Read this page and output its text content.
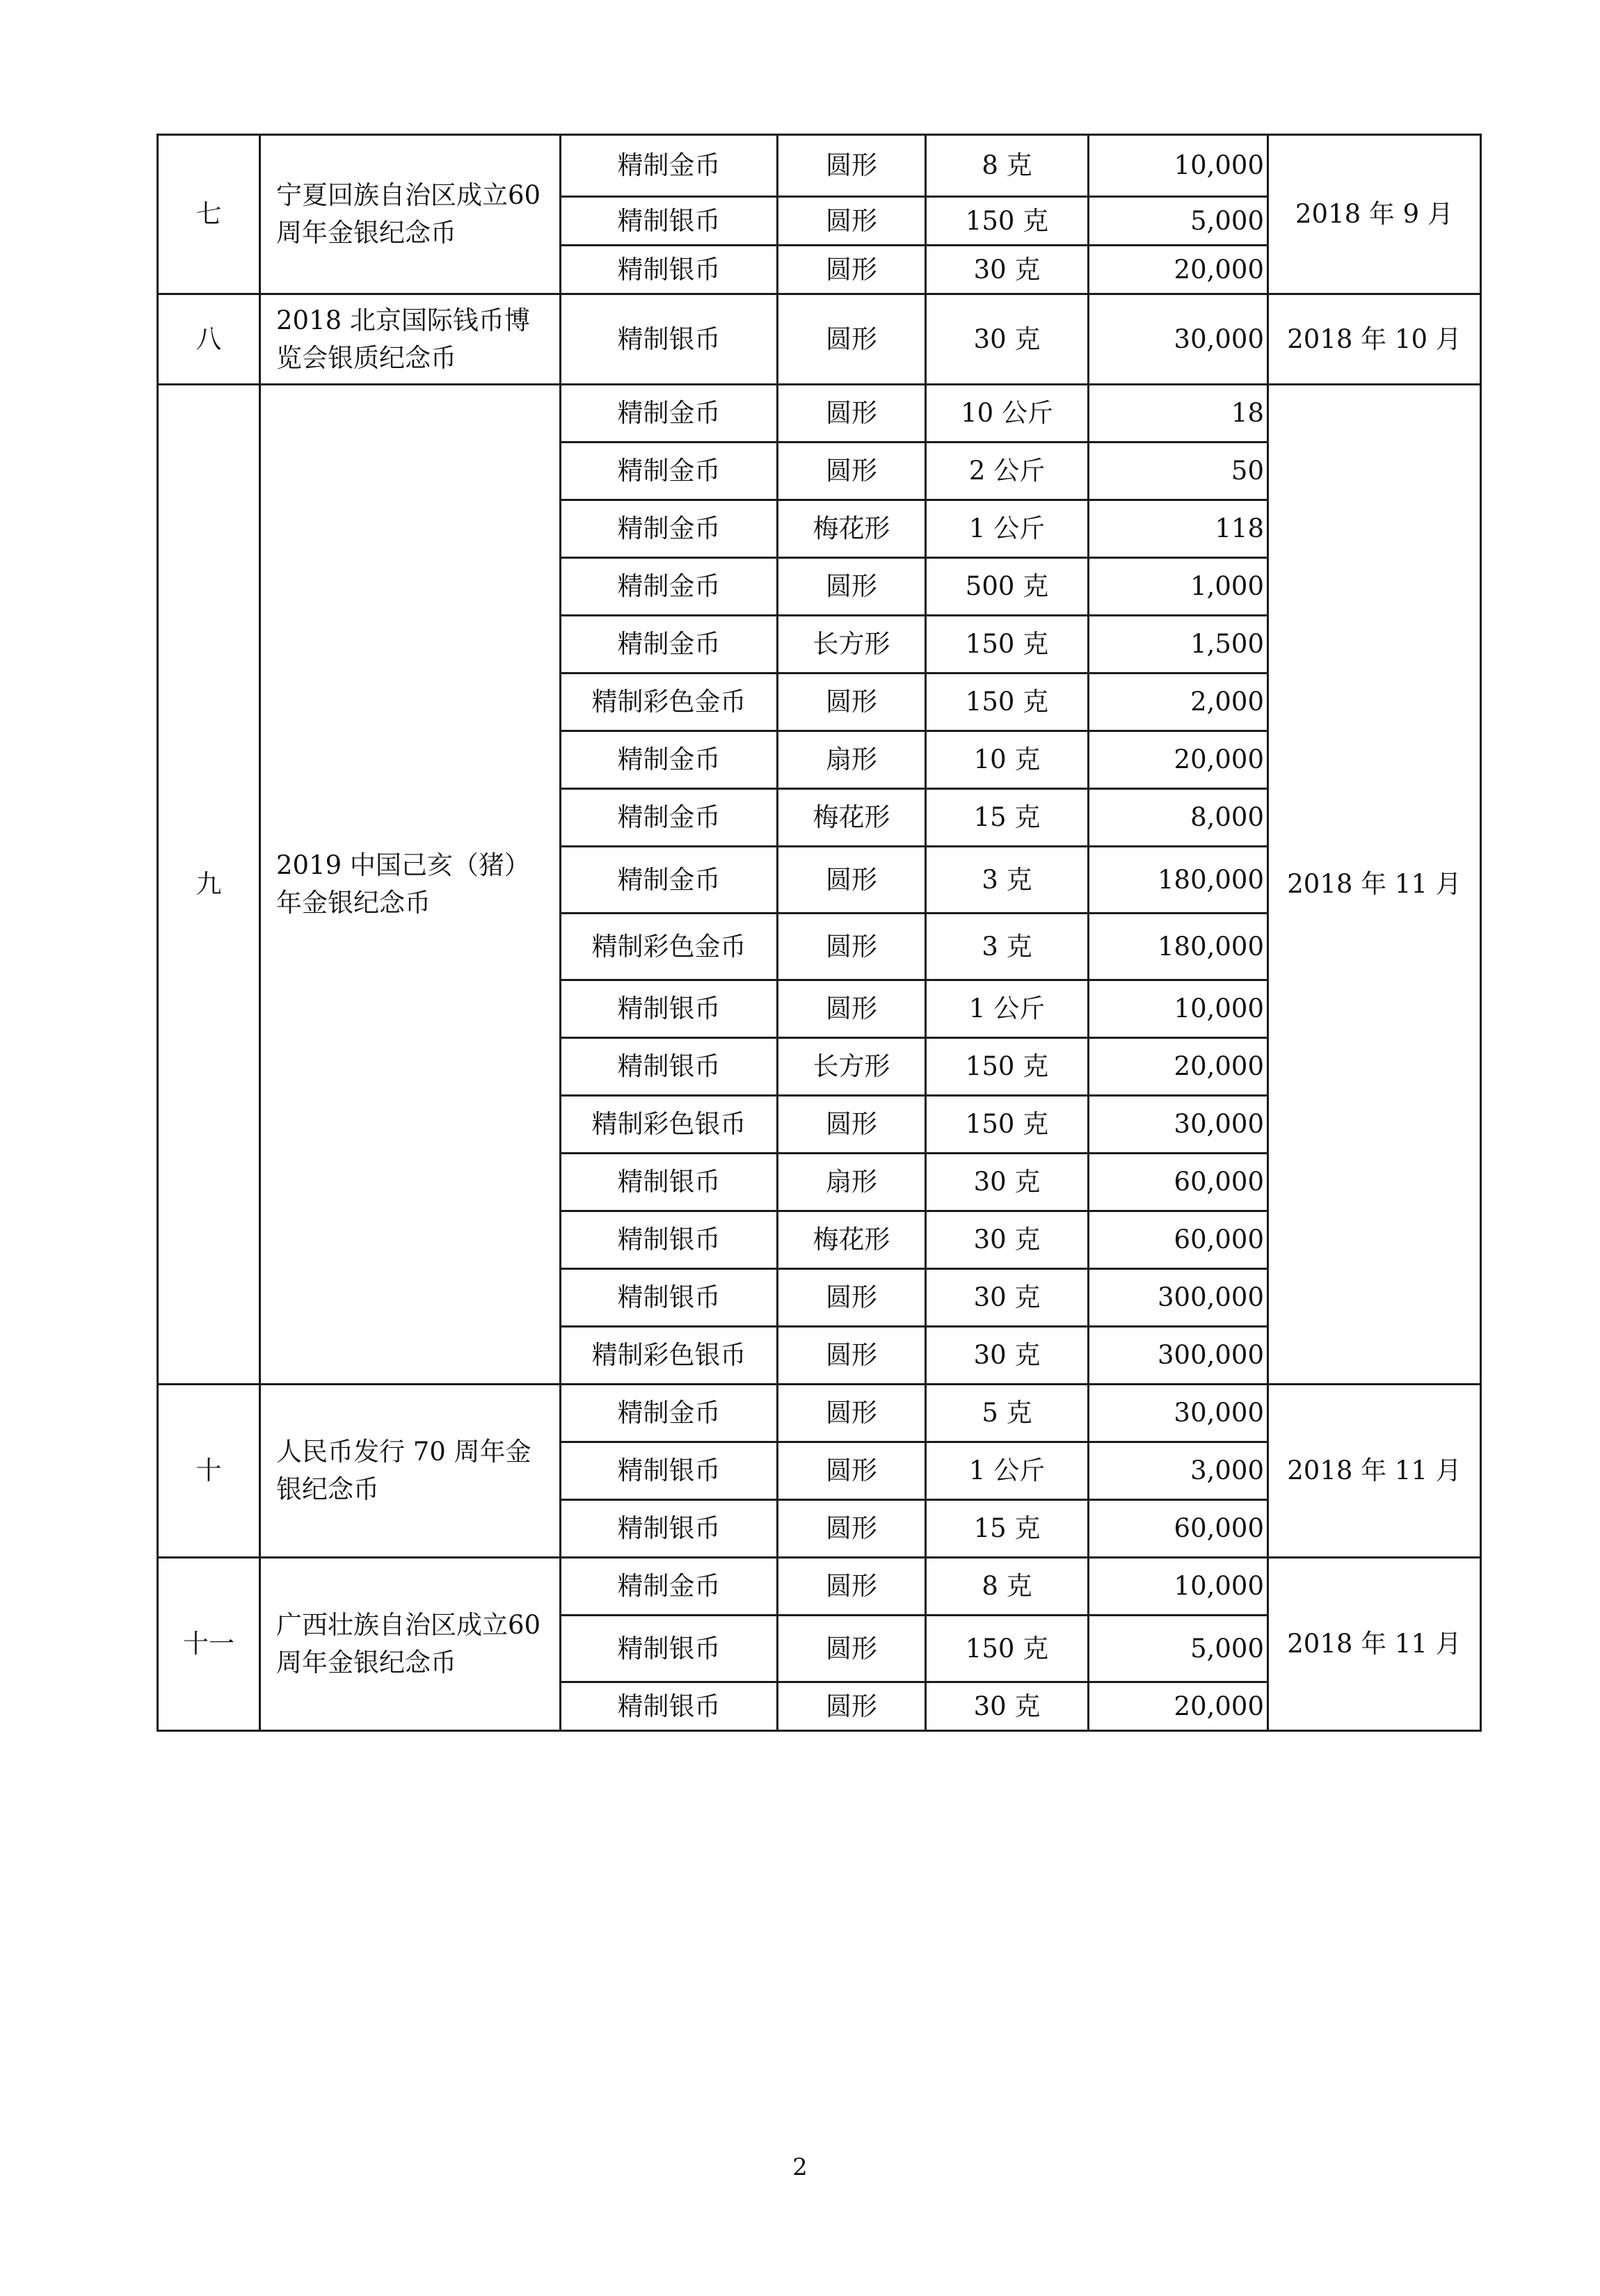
七	宁夏回族自治区成立60周年金银纪念币	精制金币	圆形	8 克	10,000	2018 年 9 月
		精制银币	圆形	150 克	5,000	
		精制银币	圆形	30 克	20,000	
八	2018 北京国际钱币博览会银质纪念币	精制银币	圆形	30 克	30,000	2018 年 10 月
九	2019 中国己亥（猪）年金银纪念币	精制金币	圆形	10 公斤	18	2018 年 11 月
		精制金币	圆形	2 公斤	50	
		精制金币	梅花形	1 公斤	118	
		精制金币	圆形	500 克	1,000	
		精制金币	长方形	150 克	1,500	
		精制彩色金币	圆形	150 克	2,000	
		精制金币	扇形	10 克	20,000	
		精制金币	梅花形	15 克	8,000	
		精制金币	圆形	3 克	180,000	
		精制彩色金币	圆形	3 克	180,000	
		精制银币	圆形	1 公斤	10,000	
		精制银币	长方形	150 克	20,000	
		精制彩色银币	圆形	150 克	30,000	
		精制银币	扇形	30 克	60,000	
		精制银币	梅花形	30 克	60,000	
		精制银币	圆形	30 克	300,000	
		精制彩色银币	圆形	30 克	300,000	
十	人民币发行 70 周年金银纪念币	精制金币	圆形	5 克	30,000	2018 年 11 月
		精制银币	圆形	1 公斤	3,000	
		精制银币	圆形	15 克	60,000	
十一	广西壮族自治区成立60周年金银纪念币	精制金币	圆形	8 克	10,000	2018 年 11 月
		精制银币	圆形	150 克	5,000	
		精制银币	圆形	30 克	20,000	
2
